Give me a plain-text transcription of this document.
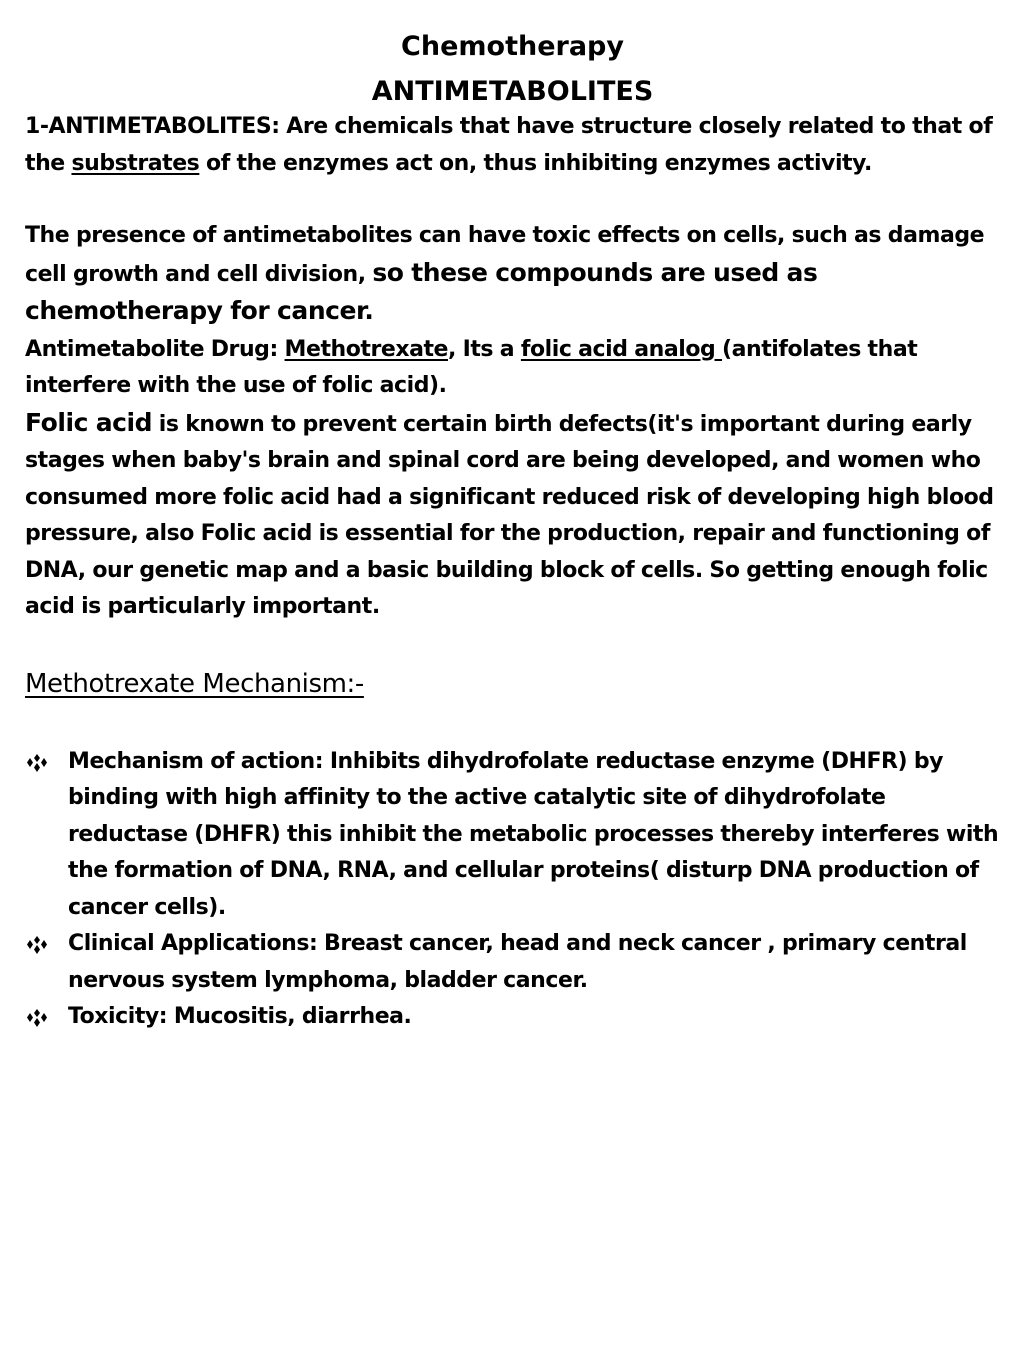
Chemotherapy
ANTIMETABOLITES

1-ANTIMETABOLITES: Are chemicals that have structure closely related to that of the substrates of the enzymes act on, thus inhibiting enzymes activity.

The presence of antimetabolites can have toxic effects on cells, such as damage cell growth and cell division, so these compounds are used as chemotherapy for cancer.

Antimetabolite Drug: Methotrexate, Its a folic acid analog (antifolates that interfere with the use of folic acid).

Folic acid is known to prevent certain birth defects(it's important during early stages when baby's brain and spinal cord are being developed, and women who consumed more folic acid had a significant reduced risk of developing high blood pressure, also Folic acid is essential for the production, repair and functioning of DNA, our genetic map and a basic building block of cells. So getting enough folic acid is particularly important.

Methotrexate Mechanism:-
Mechanism of action: Inhibits dihydrofolate reductase enzyme (DHFR) by binding with high affinity to the active catalytic site of dihydrofolate reductase (DHFR) this inhibit the metabolic processes thereby interferes with the formation of DNA, RNA, and cellular proteins( disturp DNA production of cancer cells).
Clinical Applications: Breast cancer, head and neck cancer , primary central nervous system lymphoma, bladder cancer.
Toxicity: Mucositis, diarrhea.
